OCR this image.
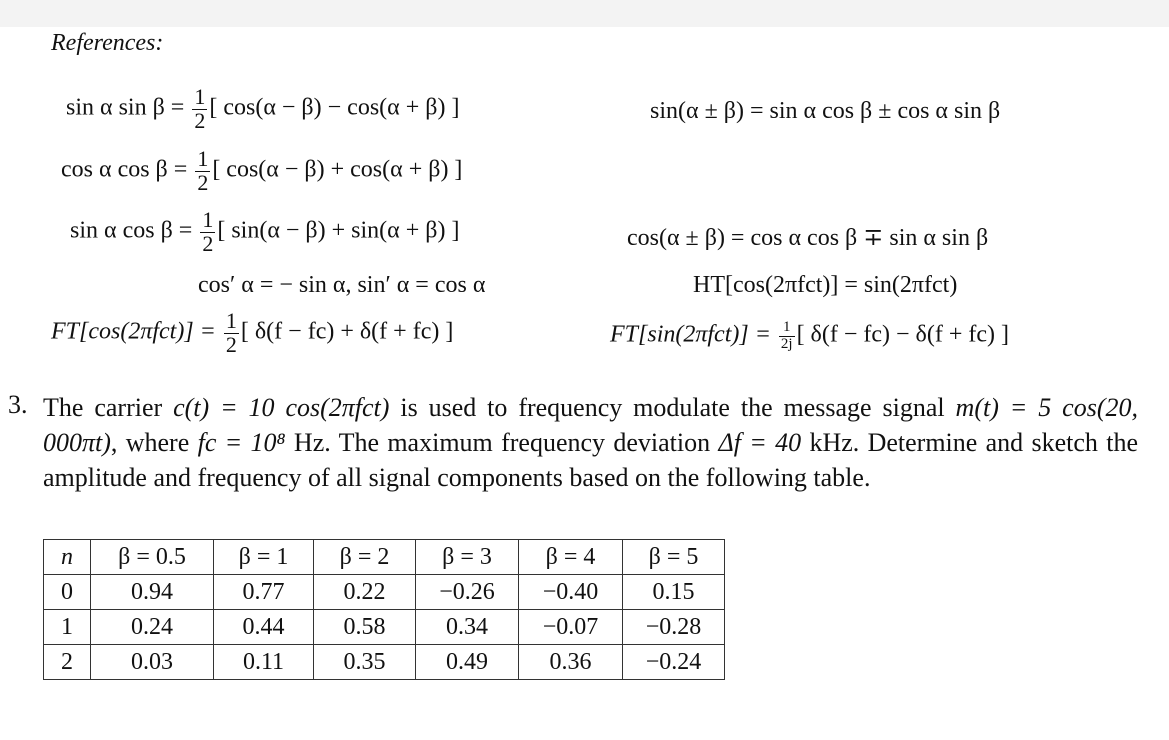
References:
sin α $\sin \beta = \frac{1}{2}$ [ cos(α − β) − cos(α + β) ]
cos α $\cos \beta = \frac{1}{2}$ [ cos(α − β) + cos(α + β) ]
sin α $\cos \beta = \frac{1}{2}$ [ sin(α − β) + sin(α + β) ]
cos′ α = − sin α, sin′ α = cos α
$FT[\cos(2\pi fct)] = \frac{1}{2}$ [ δ(f − fc) + δ(f + fc) ]
sin(α ± β) = sin α cos β ± cos α sin β
cos(α ± β) = cos α cos β ∓ sin α sin β
HT[cos(2πfct)] = sin(2πfct)
$FT[\sin(2\pi fct)] = \frac{1}{2j}$ [ δ(f − fc) − δ(f + fc) ]
3. The carrier c(t) = 10 cos(2πfct) is used to frequency modulate the message signal m(t) = 5 cos(20, 000πt), where fc = 10⁸ Hz. The maximum frequency deviation Δf = 40 kHz. Determine and sketch the amplitude and frequency of all signal components based on the following table.
n	β = 0.5	β = 1	β = 2	β = 3	β = 4	β = 5
0	0.94	0.77	0.22	−0.26	−0.40	0.15
1	0.24	0.44	0.58	0.34	−0.07	−0.28
2	0.03	0.11	0.35	0.49	0.36	−0.24
